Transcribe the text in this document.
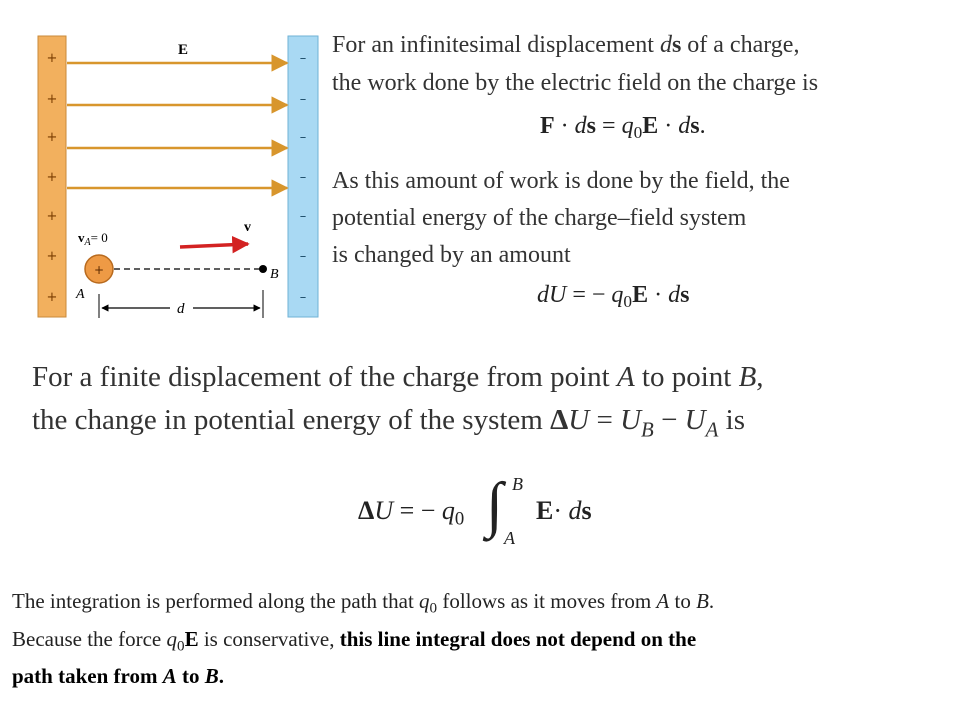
+
+
+
+
+
+
+
–
–
–
–
–
–
–
E
$v_A= 0$
v
+	B
A
d
For an infinitesimal displacement ds of a charge,
the work done by the electric field on the charge is
F · ds = $q_0E$ · ds.
As this amount of work is done by the field, the
potential energy of the charge–field system
is changed by an amount
dU = − $q_0E$ · ds
For a finite displacement of the charge from point A to point B,
the change in potential energy of the system $\Delta U = U_B - U_A$ is
ΔU = − $q_0$ ∫ B
A
E· ds
The integration is performed along the path that $q_0$ follows as it moves from A to B.
Because the force $q_0E$ is conservative, this line integral does not depend on the
path taken from A to B.
